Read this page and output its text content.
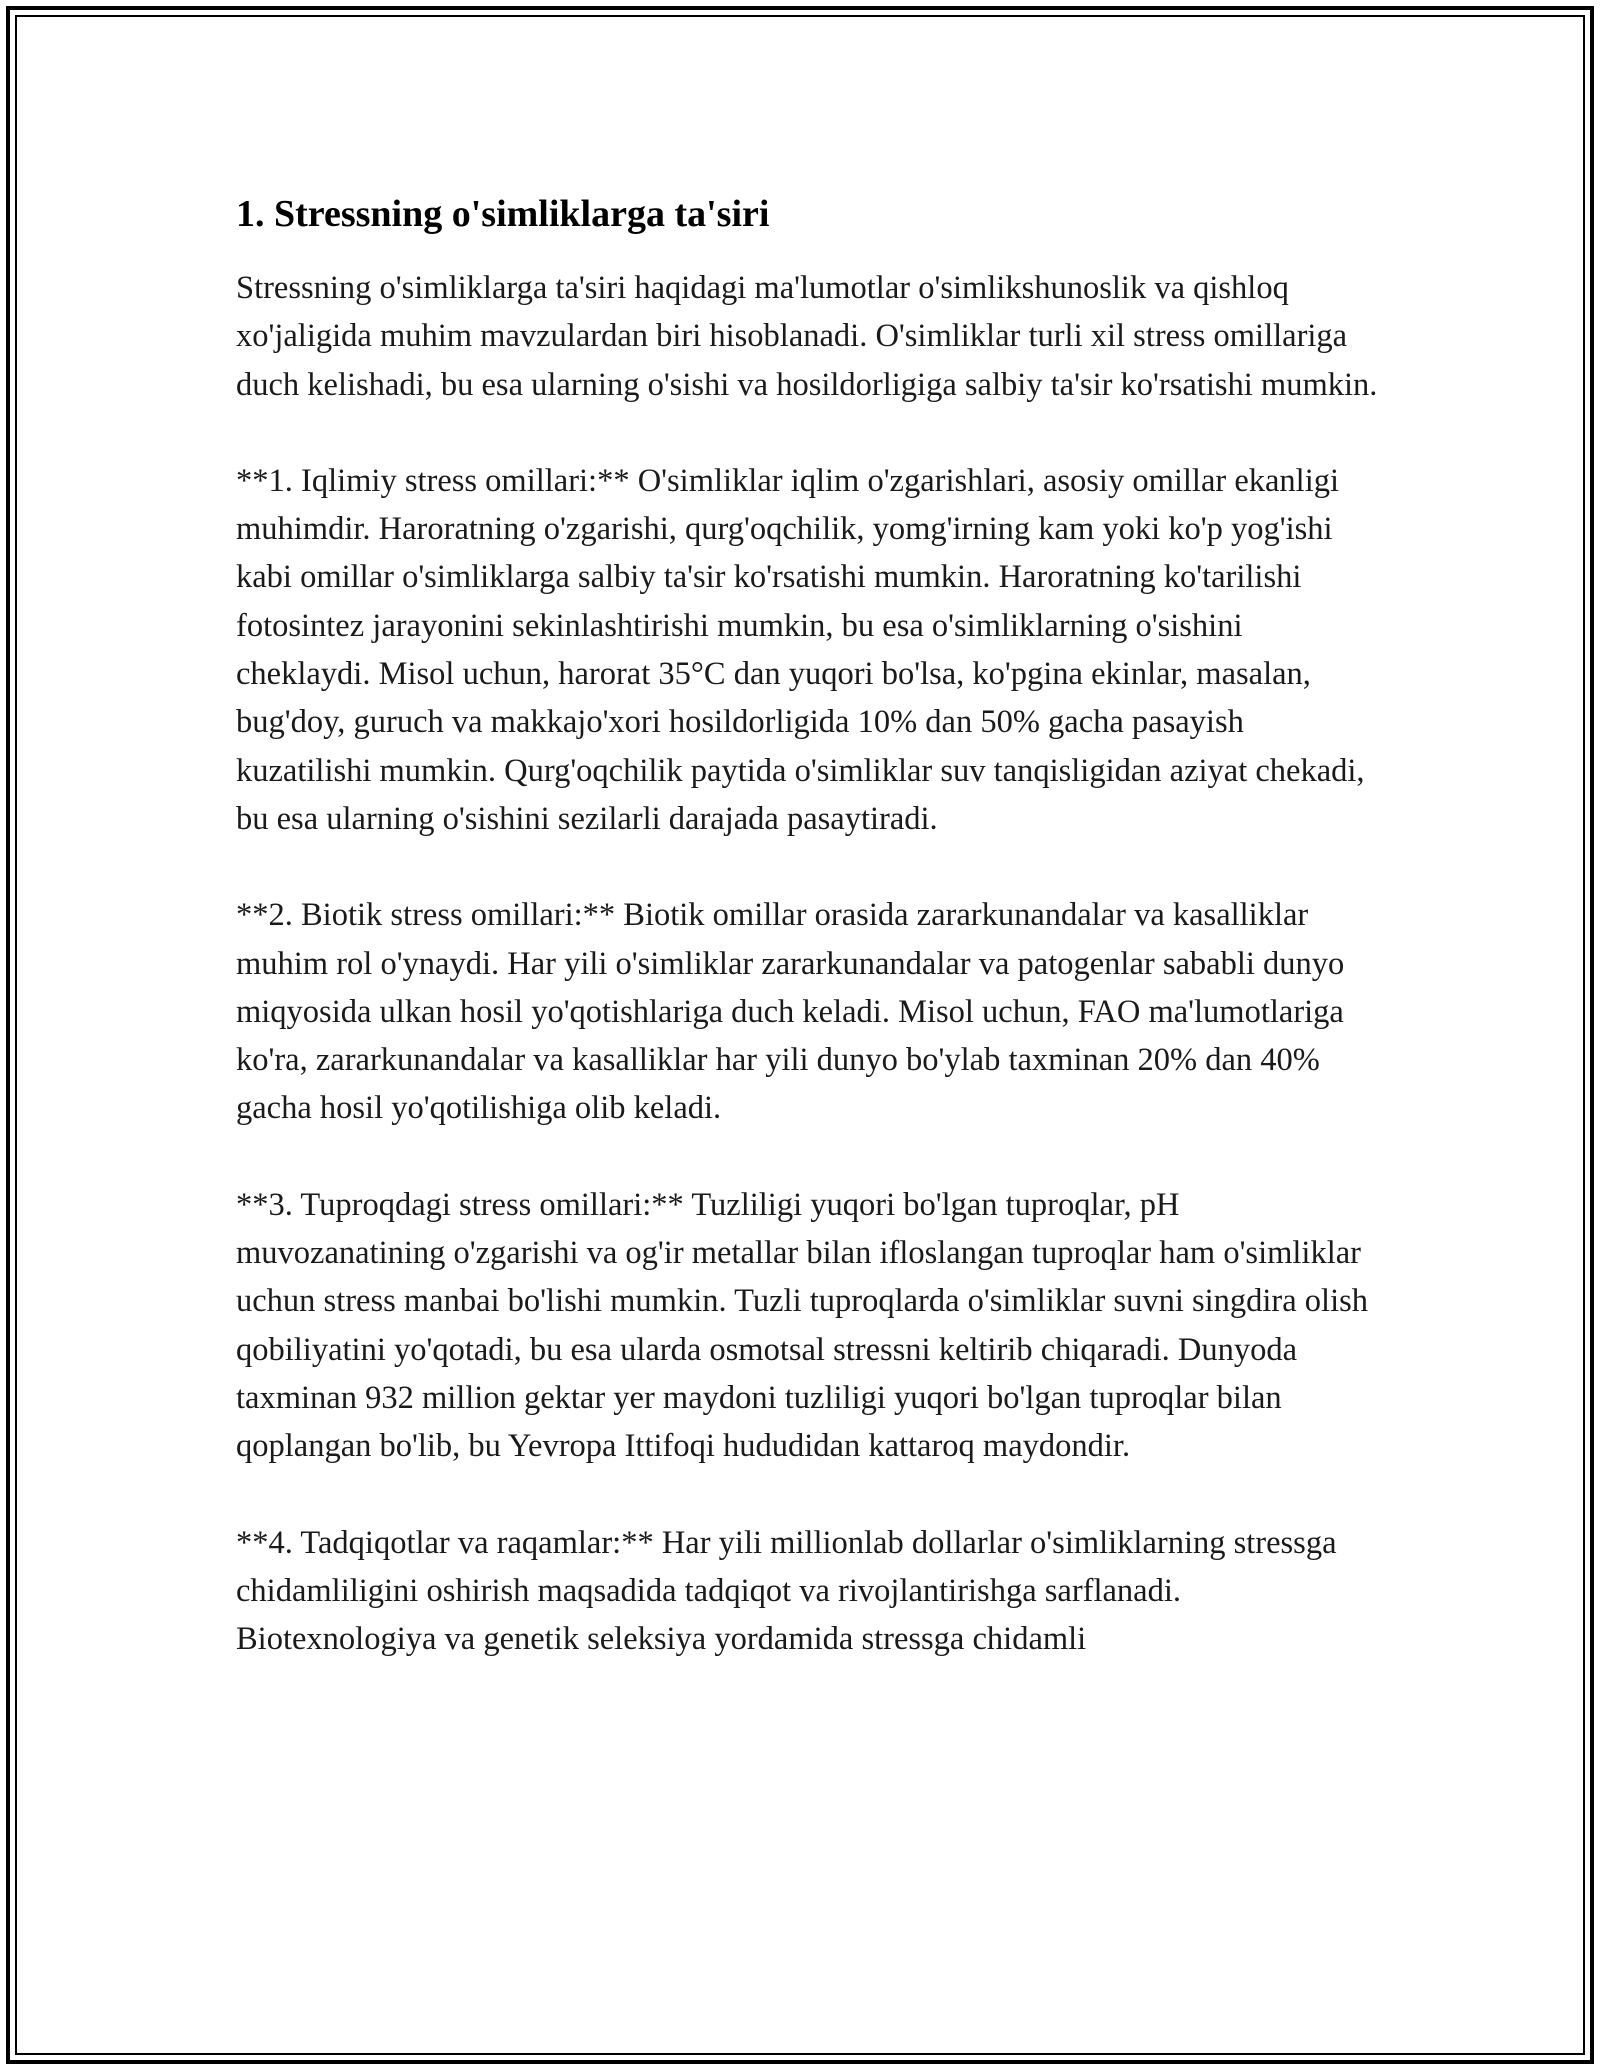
1. Stressning o'simliklarga ta'siri

Stressning o'simliklarga ta'siri haqidagi ma'lumotlar o'simlikshunoslik va qishloq xo'jaligida muhim mavzulardan biri hisoblanadi. O'simliklar turli xil stress omillariga duch kelishadi, bu esa ularning o'sishi va hosildorligiga salbiy ta'sir ko'rsatishi mumkin.

**1. Iqlimiy stress omillari:** O'simliklar iqlim o'zgarishlari, asosiy omillar ekanligi muhimdir. Haroratning o'zgarishi, qurg'oqchilik, yomg'irning kam yoki ko'p yog'ishi kabi omillar o'simliklarga salbiy ta'sir ko'rsatishi mumkin. Haroratning ko'tarilishi fotosintez jarayonini sekinlashtirishi mumkin, bu esa o'simliklarning o'sishini cheklaydi. Misol uchun, harorat 35°C dan yuqori bo'lsa, ko'pgina ekinlar, masalan, bug'doy, guruch va makkajo'xori hosildorligida 10% dan 50% gacha pasayish kuzatilishi mumkin. Qurg'oqchilik paytida o'simliklar suv tanqisligidan aziyat chekadi, bu esa ularning o'sishini sezilarli darajada pasaytiradi.

**2. Biotik stress omillari:** Biotik omillar orasida zararkunandalar va kasalliklar muhim rol o'ynaydi. Har yili o'simliklar zararkunandalar va patogenlar sababli dunyo miqyosida ulkan hosil yo'qotishlariga duch keladi. Misol uchun, FAO ma'lumotlariga ko'ra, zararkunandalar va kasalliklar har yili dunyo bo'ylab taxminan 20% dan 40% gacha hosil yo'qotilishiga olib keladi.

**3. Tuproqdagi stress omillari:** Tuzliligi yuqori bo'lgan tuproqlar, pH muvozanatining o'zgarishi va og'ir metallar bilan ifloslangan tuproqlar ham o'simliklar uchun stress manbai bo'lishi mumkin. Tuzli tuproqlarda o'simliklar suvni singdira olish qobiliyatini yo'qotadi, bu esa ularda osmotsal stressni keltirib chiqaradi. Dunyoda taxminan 932 million gektar yer maydoni tuzliligi yuqori bo'lgan tuproqlar bilan qoplangan bo'lib, bu Yevropa Ittifoqi hududidan kattaroq maydondir.

**4. Tadqiqotlar va raqamlar:** Har yili millionlab dollarlar o'simliklarning stressga chidamliligini oshirish maqsadida tadqiqot va rivojlantirishga sarflanadi. Biotexnologiya va genetik seleksiya yordamida stressga chidamli
